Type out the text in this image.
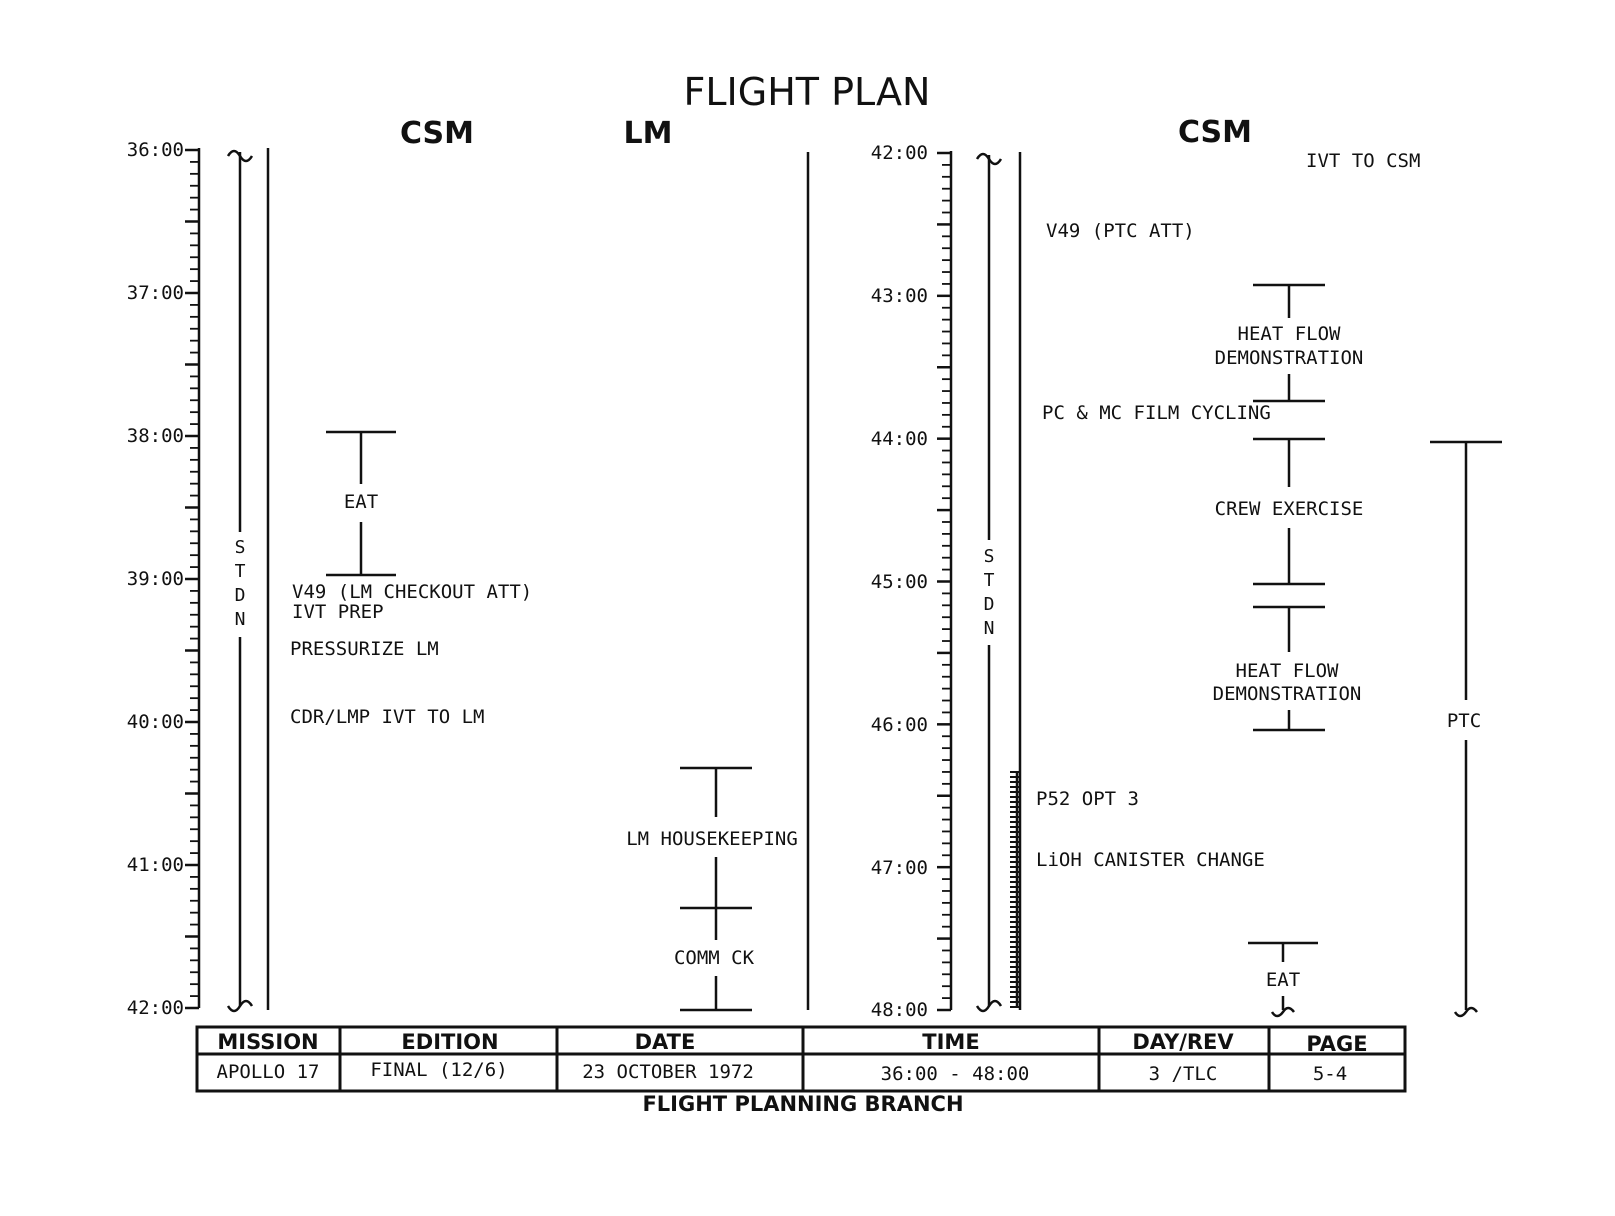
FLIGHT PLAN
CSM	LM
36:00
37:00
38:00
39:00
40:00
41:00
42:00
S
T
D
N
EAT
V49 (LM CHECKOUT ATT)
IVT PREP
PRESSURIZE LM
CDR/LMP IVT TO LM
LM HOUSEKEEPING
COMM CK
CSM
42:00
43:00
44:00
45:00
46:00
47:00
48:00
S
T
D
N
IVT TO CSM
V49 (PTC ATT)
HEAT FLOW
DEMONSTRATION
PC & MC FILM CYCLING
CREW EXERCISE
HEAT FLOW
DEMONSTRATION
PTC
P52 OPT 3
LiOH CANISTER CHANGE
EAT
MISSION	EDITION	DATE	TIME	DAY/REV	PAGE
APOLLO 17	FINAL (12/6)	23 OCTOBER 1972	36:00 - 48:00	3 /TLC	5-4
FLIGHT PLANNING BRANCH
